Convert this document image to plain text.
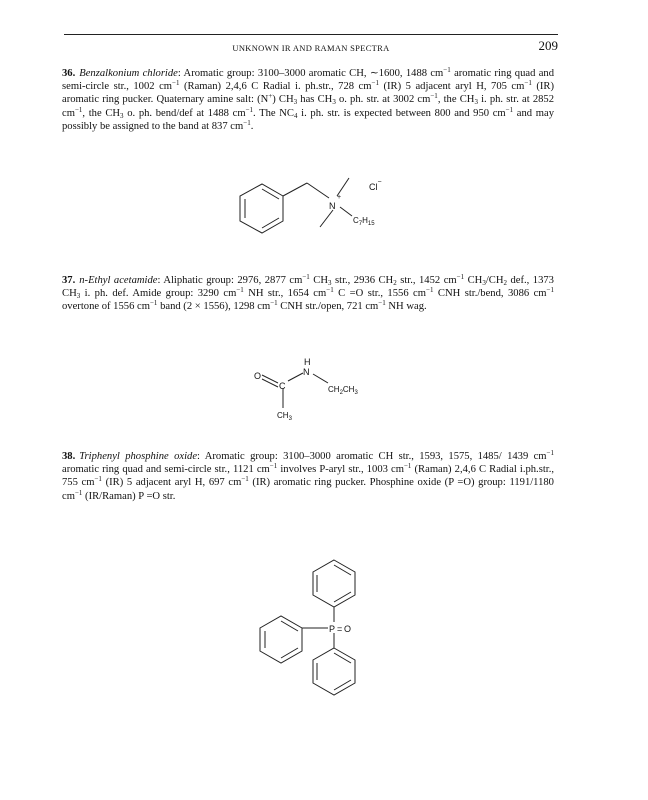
UNKNOWN IR AND RAMAN SPECTRA	209
36. Benzalkonium chloride: Aromatic group: 3100–3000 aromatic CH, ∼1600, 1488 $cm^{-1}$ aromatic ring quad and semi-circle str., 1002 $cm^{-1}$ (Raman) 2,4,6 C Radial i. ph.str., 728 $cm^{-1}$ (IR) 5 adjacent aryl H, 705 $cm^{-1}$ (IR) aromatic ring pucker. Quaternary amine salt: (N+) $CH_3$ has $CH_3$ o. ph. str. at 3002 $cm^{-1}$, the $CH_3$ i. ph. str. at 2852 $cm^{-1}$, the $CH_3$ o. ph. bend/def at 1488 $cm^{-1}$. The $NC_4$ i. ph. str. is expected between 800 and 950 $cm^{-1}$ and may possibly be assigned to the band at 837 $cm^{-1}$.
N
+
Cl−
$C_7H_{15}$
37. n-Ethyl acetamide: Aliphatic group: 2976, 2877 $cm^{-1}$ $CH_3$ str., 2936 $CH_2$ str., 1452 $cm^{-1}$ $CH_3/CH_2$ def., 1373 $CH_3$ i. ph. def. Amide group: 3290 $cm^{-1}$ NH str., 1654 $cm^{-1}$ C =O str., 1556 $cm^{-1}$ CNH str./bend, 3086 $cm^{-1}$ overtone of 1556 $cm^{-1}$ band (2 × 1556), 1298 $cm^{-1}$ CNH str./open, 721 $cm^{-1}$ NH wag.
O
C
H
N
$CH_2CH_3$
$CH_3$
38. Triphenyl phosphine oxide: Aromatic group: 3100–3000 aromatic CH str., 1593, 1575, 1485/ 1439 $cm^{-1}$ aromatic ring quad and semi-circle str., 1121 $cm^{-1}$ involves P-aryl str., 1003 $cm^{-1}$ (Raman) 2,4,6 C Radial i.ph.str., 755 $cm^{-1}$ (IR) 5 adjacent aryl H, 697 $cm^{-1}$ (IR) aromatic ring pucker. Phosphine oxide (P =O) group: 1191/1180 $cm^{-1}$ (IR/Raman) P =O str.
P = O
